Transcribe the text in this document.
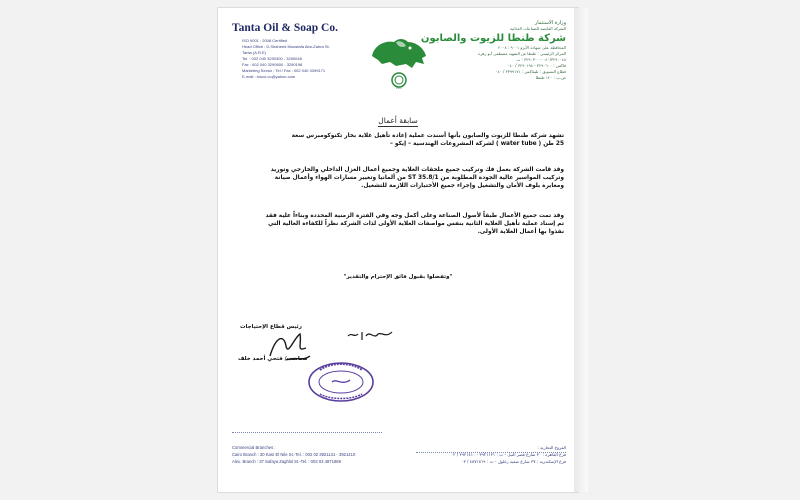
Tanta Oil & Soap Co.
ISO 9001 : 2008 Certified
Head Office : D.Shaheed Moustafa Abo-Zahra St.
Tanta (A.R.E)
Tel. : 002 040 3290300 - 3290048
Fax : 002 040 3290600 - 3290198
Marketing Sector : Tel / Fax : 002 040 3399171
E-mail : tosco.co@yahoo.com
ISO
وزارة الاستثمار
الشركة القابضة للصناعات الغذائية
شركة طنطا للزيوت والصابون
المحافظة على شهادة الأيزو ٩٠٠١ : ٢٠٠٨
المركز الرئيسي : طنطا ش الشهيد مصطفى أبو زهرة
٠٤٠/٣٢٩٠٠٤٨ - ٣٢٩٠٣٠٠ : ت
فاكس : ٣٢٩٠٦٠٠ - ٣٢٩٠١٩٨ / ٠٤٠
قطاع التسويق : تليفاكس : ٣٣٩٩١٧١ / ٠٤٠
ص.ب : ١٢٠ طنطا
سابقة أعمال
تشهد شركة طنطا للزيوت والصابون بأنها أسندت عملية إعادة تأهيل غلاية بخار تكنوكومبرس سعة
25 طن ( water tube ) لشركة المشروعات الهندسية – إيكو –
وقد قامت الشركة بعمل فك وتركيب جميع ملحقات الغلاية وجميع أعمال العزل الداخلي والخارجي وتوريد
وتركيب المواسير عالية الجودة المطلوبة من ST 35.8/1 من ألمانيا وتغيير مسارات الهواء وأعمال صيانة
ومعايرة بلوف الأمان والتشغيل وإجراء جميع الأختبارات اللازمة للتشغيل.
وقد تمت جميع الأعمال طبقاً لأصول الصناعة وعلى أكمل وجه وفي الفترة الزمنية المحددة وبناءاً عليه فقد
تم إسناد عملية تأهيل الغلاية الثانية بنفس مواصفات الغلاية الأولى لذات الشركة نظراً للكفاءة العالية التي
نفذوا بها أعمال الغلاية الأولى.
"وتفضلوا بقبول فائق الإحترام والتقدير"
رئيس قطاع الإحتياجات
محاسب/ فتحي أحمد خلف
Commercial Branches :
Cairo Branch : 30 Kasr El Nile St.-Tel. : 002 02 3921131 - 3921410
Alex. Branch : 37 Safaya Zaghlol St.-Tel. : 002 03 4871869
الفروع التجارية :
فرع القاهرة : ٣٠ شارع قصر النيل - ت : ٣٩٢١١٣١ - ٣٩٢١٤١٠ / ٠٢
فرع الإسكندرية : ٣٧ شارع صفية زغلول - ت : ٤٨٧١٨٦٩ / ٠٣
